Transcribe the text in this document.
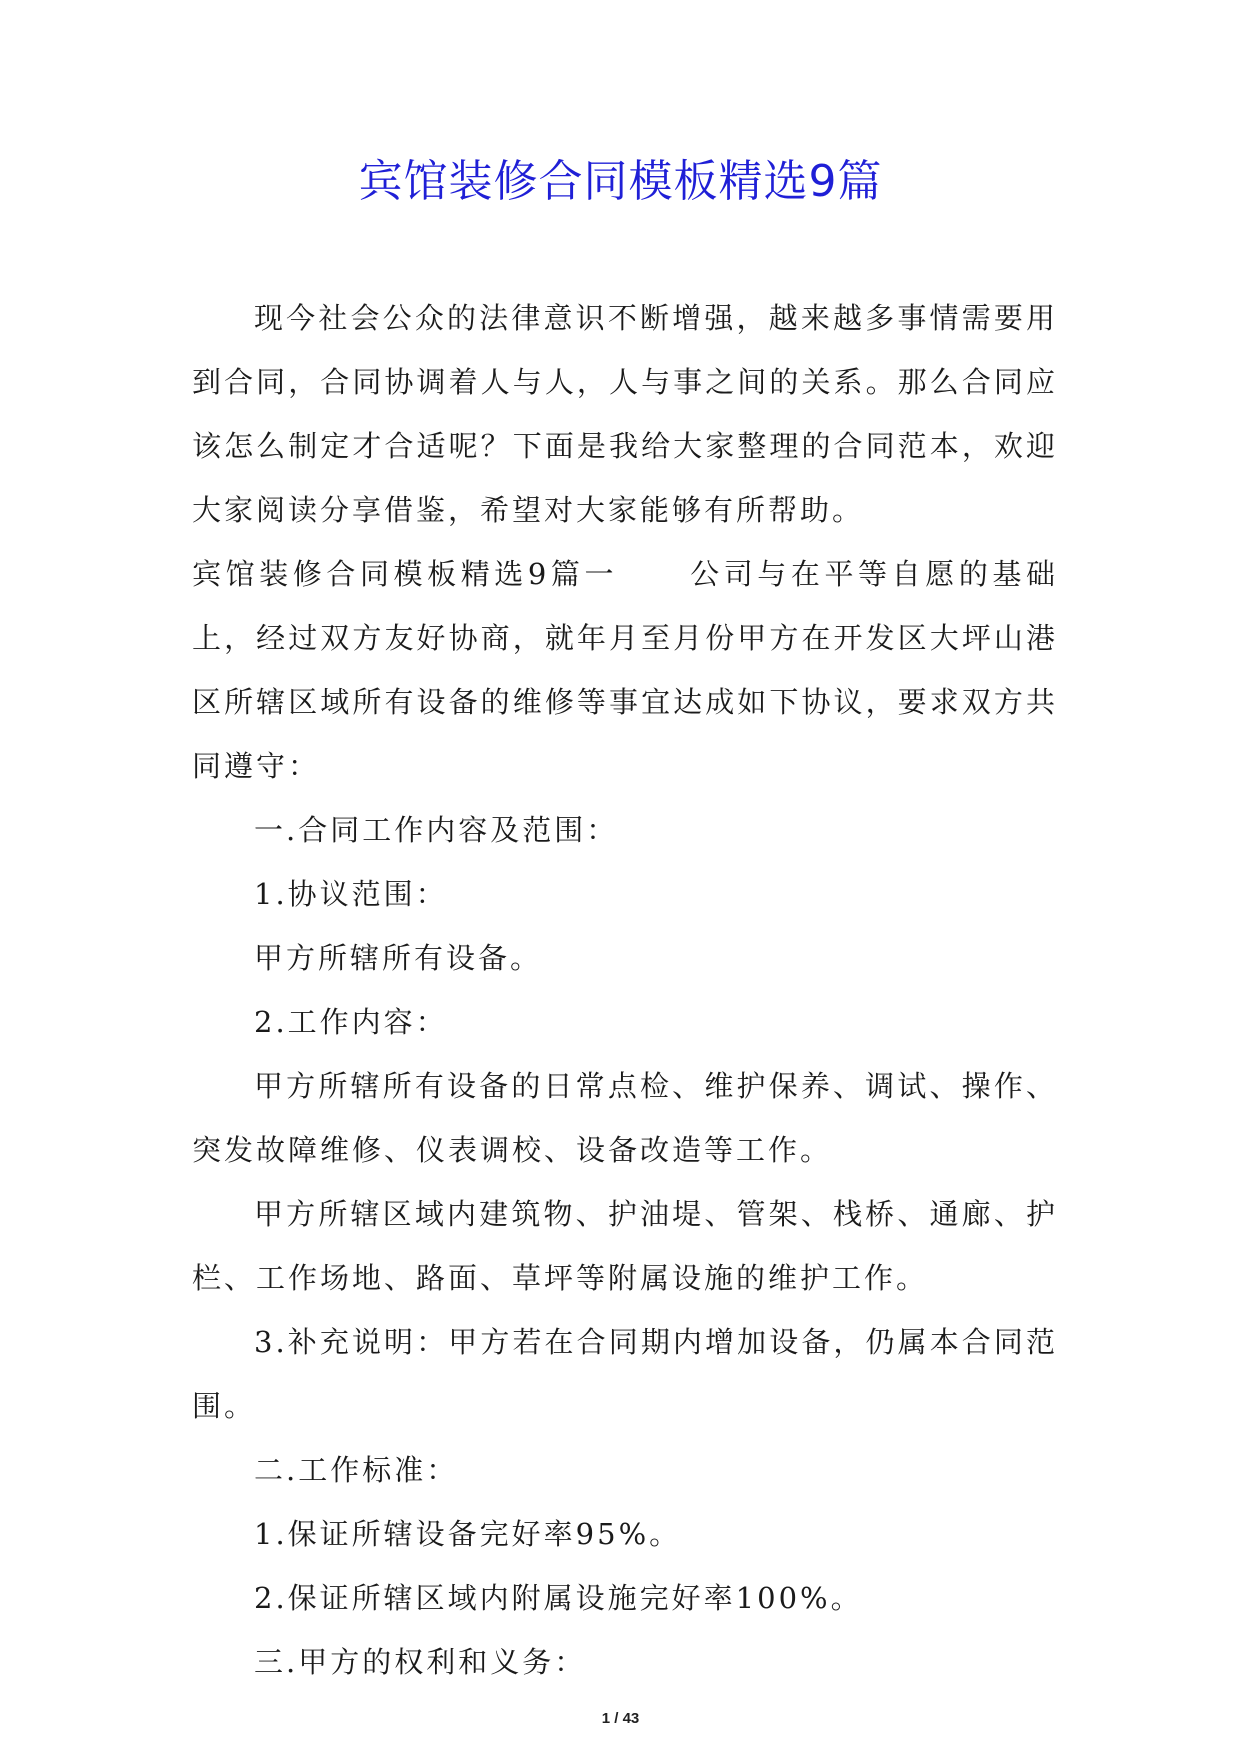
宾馆装修合同模板精选9篇

现今社会公众的法律意识不断增强，越来越多事情需要用到合同，合同协调着人与人，人与事之间的关系。那么合同应该怎么制定才合适呢？下面是我给大家整理的合同范本，欢迎大家阅读分享借鉴，希望对大家能够有所帮助。

宾馆装修合同模板精选9篇一 公司与在平等自愿的基础上，经过双方友好协商，就年月至月份甲方在开发区大坪山港区所辖区域所有设备的维修等事宜达成如下协议，要求双方共同遵守：

一.合同工作内容及范围：

1.协议范围：

甲方所辖所有设备。

2.工作内容：

甲方所辖所有设备的日常点检、维护保养、调试、操作、突发故障维修、仪表调校、设备改造等工作。

甲方所辖区域内建筑物、护油堤、管架、栈桥、通廊、护栏、工作场地、路面、草坪等附属设施的维护工作。

3.补充说明：甲方若在合同期内增加设备，仍属本合同范围。

二.工作标准：

1.保证所辖设备完好率95%。

2.保证所辖区域内附属设施完好率100%。

三.甲方的权利和义务：

1 / 43
